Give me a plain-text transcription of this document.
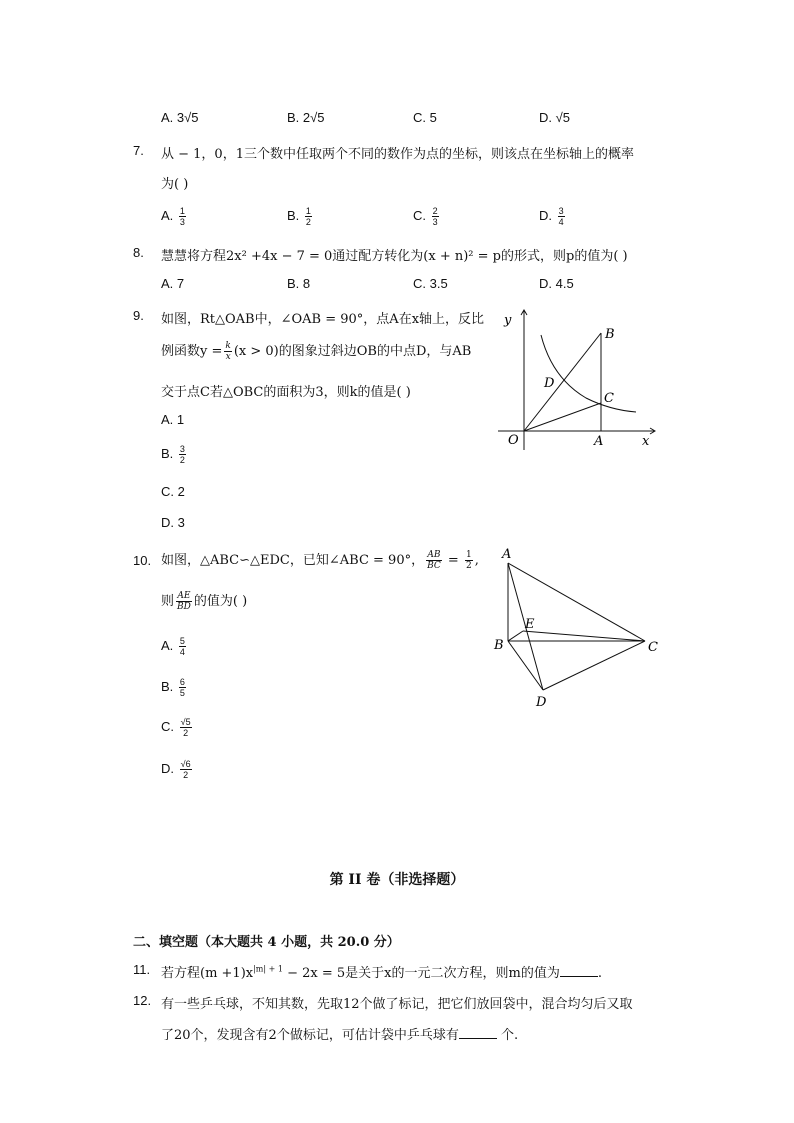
A. 3√5	B. 2√5	C. 5	D. √5
7. 从 − 1，0，1三个数中任取两个不同的数作为点的坐标，则该点在坐标轴上的概率
为( )
A. $\frac{1}{3}$	B. $\frac{1}{2}$	C. $\frac{2}{3}$	D. $\frac{3}{4}$
8. 慧慧将方程2x² +4x − 7 = 0通过配方转化为(x + n)² = p的形式，则p的值为( )
A. 7	B. 8	C. 3.5	D. 4.5
9. 如图，Rt△OAB中，∠OAB = 90°，点A在x轴上，反比
例函数$y = \frac{k}{x} (x > 0)$的图象过斜边OB的中点D，与AB
交于点C若△OBC的面积为3，则k的值是( )
A. 1
B. $\frac{3}{2}$
C. 2
D. 3
y
x
O	A
B
C
D
10. 如图，△ABC∽△EDC，已知∠ABC = 90°， $\frac{AB}{BC} = \frac{1}{2}$ ,
则 $\frac{AE}{BD}$ 的值为( )
A. $\frac{5}{4}$
B. $\frac{6}{5}$
C. $\frac{√5}{2}$
D. $\frac{√6}{2}$
A
B	C
D
E
第 II 卷（非选择题）
二、填空题（本大题共 4 小题，共 20.0 分）
11. 若方程$(m +1)x^{|m| + 1} - 2x = 5$是关于x的一元二次方程，则m的值为	.
12. 有一些乒乓球，不知其数，先取12个做了标记，把它们放回袋中，混合均匀后又取
了20个，发现含有2个做标记，可估计袋中乒乓球有	个.
